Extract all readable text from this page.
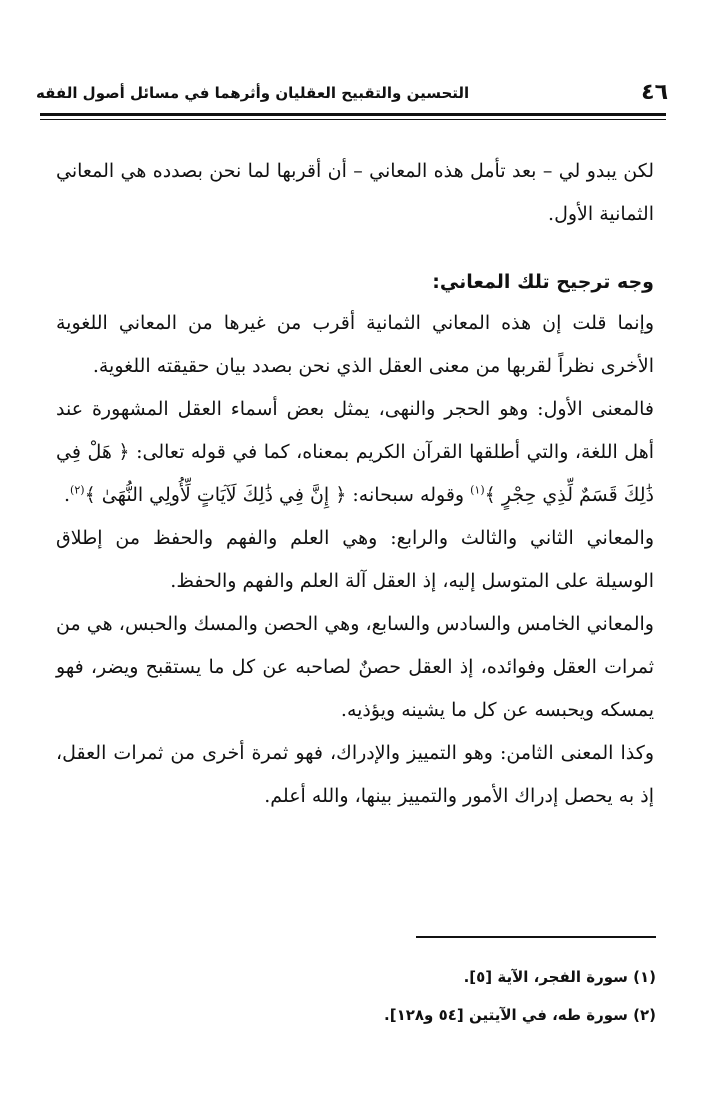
٤٦
التحسين والتقبيح العقليان وأثرهما في مسائل أصول الفقه

لكن يبدو لي – بعد تأمل هذه المعاني – أن أقربها لما نحن بصدده هي المعاني الثمانية الأول.

وجه ترجيح تلك المعاني:

وإنما قلت إن هذه المعاني الثمانية أقرب من غيرها من المعاني اللغوية الأخرى نظراً لقربها من معنى العقل الذي نحن بصدد بيان حقيقته اللغوية.

فالمعنى الأول: وهو الحجر والنهى، يمثل بعض أسماء العقل المشهورة عند أهل اللغة، والتي أطلقها القرآن الكريم بمعناه، كما في قوله تعالى: ﴿ هَلْ فِي ذَٰلِكَ قَسَمٌ لِّذِي حِجْرٍ ﴾$^{(١)}$ وقوله سبحانه: ﴿ إِنَّ فِي ذَٰلِكَ لَآيَاتٍ لِّأُولِي النُّهَىٰ ﴾$^{(٢)}$.

والمعاني الثاني والثالث والرابع: وهي العلم والفهم والحفظ من إطلاق الوسيلة على المتوسل إليه، إذ العقل آلة العلم والفهم والحفظ.

والمعاني الخامس والسادس والسابع، وهي الحصن والمسك والحبس، هي من ثمرات العقل وفوائده، إذ العقل حصنٌ لصاحبه عن كل ما يستقبح ويضر، فهو يمسكه ويحبسه عن كل ما يشينه ويؤذيه.

وكذا المعنى الثامن: وهو التمييز والإدراك، فهو ثمرة أخرى من ثمرات العقل، إذ به يحصل إدراك الأمور والتمييز بينها، والله أعلم.

(١) سورة الفجر، الآية [٥].

(٢) سورة طه، في الآيتين [٥٤ و١٢٨].
